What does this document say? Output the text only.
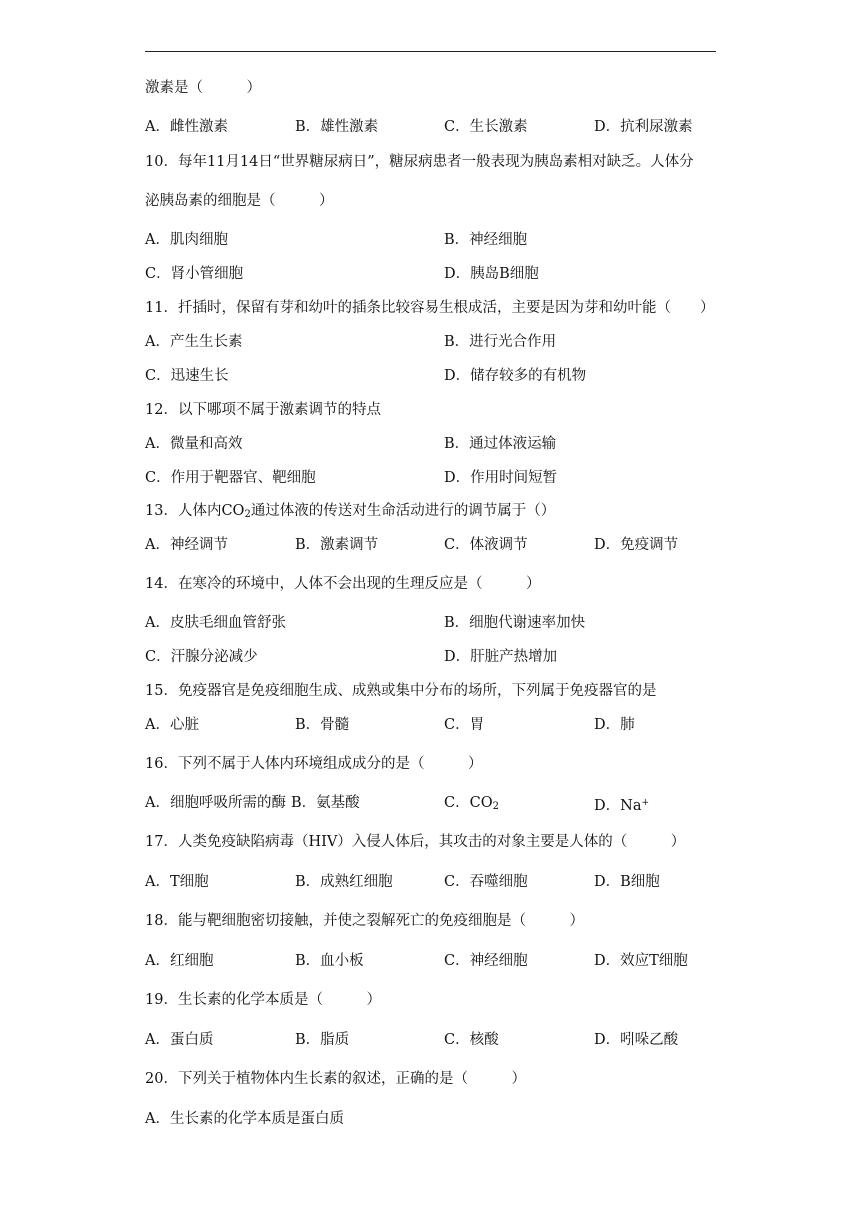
激素是（　　　）
A．雌性激素	B．雄性激素	C．生长激素	D．抗利尿激素
10．每年11月14日“世界糖尿病日”，糖尿病患者一般表现为胰岛素相对缺乏。人体分
泌胰岛素的细胞是（　　　）
A．肌肉细胞	B．神经细胞
C．肾小管细胞	D．胰岛B细胞
11．扦插时，保留有芽和幼叶的插条比较容易生根成活，主要是因为芽和幼叶能（　　）
A．产生生长素	B．进行光合作用
C．迅速生长	D．储存较多的有机物
12．以下哪项不属于激素调节的特点
A．微量和高效	B．通过体液运输
C．作用于靶器官、靶细胞	D．作用时间短暂
13．人体内$CO_2$通过体液的传送对生命活动进行的调节属于（）
A．神经调节	B．激素调节	C．体液调节	D．免疫调节
14．在寒冷的环境中，人体不会出现的生理反应是（　　　）
A．皮肤毛细血管舒张	B．细胞代谢速率加快
C．汗腺分泌减少	D．肝脏产热增加
15．免疫器官是免疫细胞生成、成熟或集中分布的场所，下列属于免疫器官的是
A．心脏	B．骨髓	C．胃	D．肺
16．下列不属于人体内环境组成成分的是（　　　）
A．细胞呼吸所需的酶 B．氨基酸	C．$CO_2$	D．Na+
17．人类免疫缺陷病毒（HIV）入侵人体后，其攻击的对象主要是人体的（　　　）
A．T细胞	B．成熟红细胞	C．吞噬细胞	D．B细胞
18．能与靶细胞密切接触，并使之裂解死亡的免疫细胞是（　　　）
A．红细胞	B．血小板	C．神经细胞	D．效应T细胞
19．生长素的化学本质是（　　　）
A．蛋白质	B．脂质	C．核酸	D．吲哚乙酸
20．下列关于植物体内生长素的叙述，正确的是（　　　）
A．生长素的化学本质是蛋白质
